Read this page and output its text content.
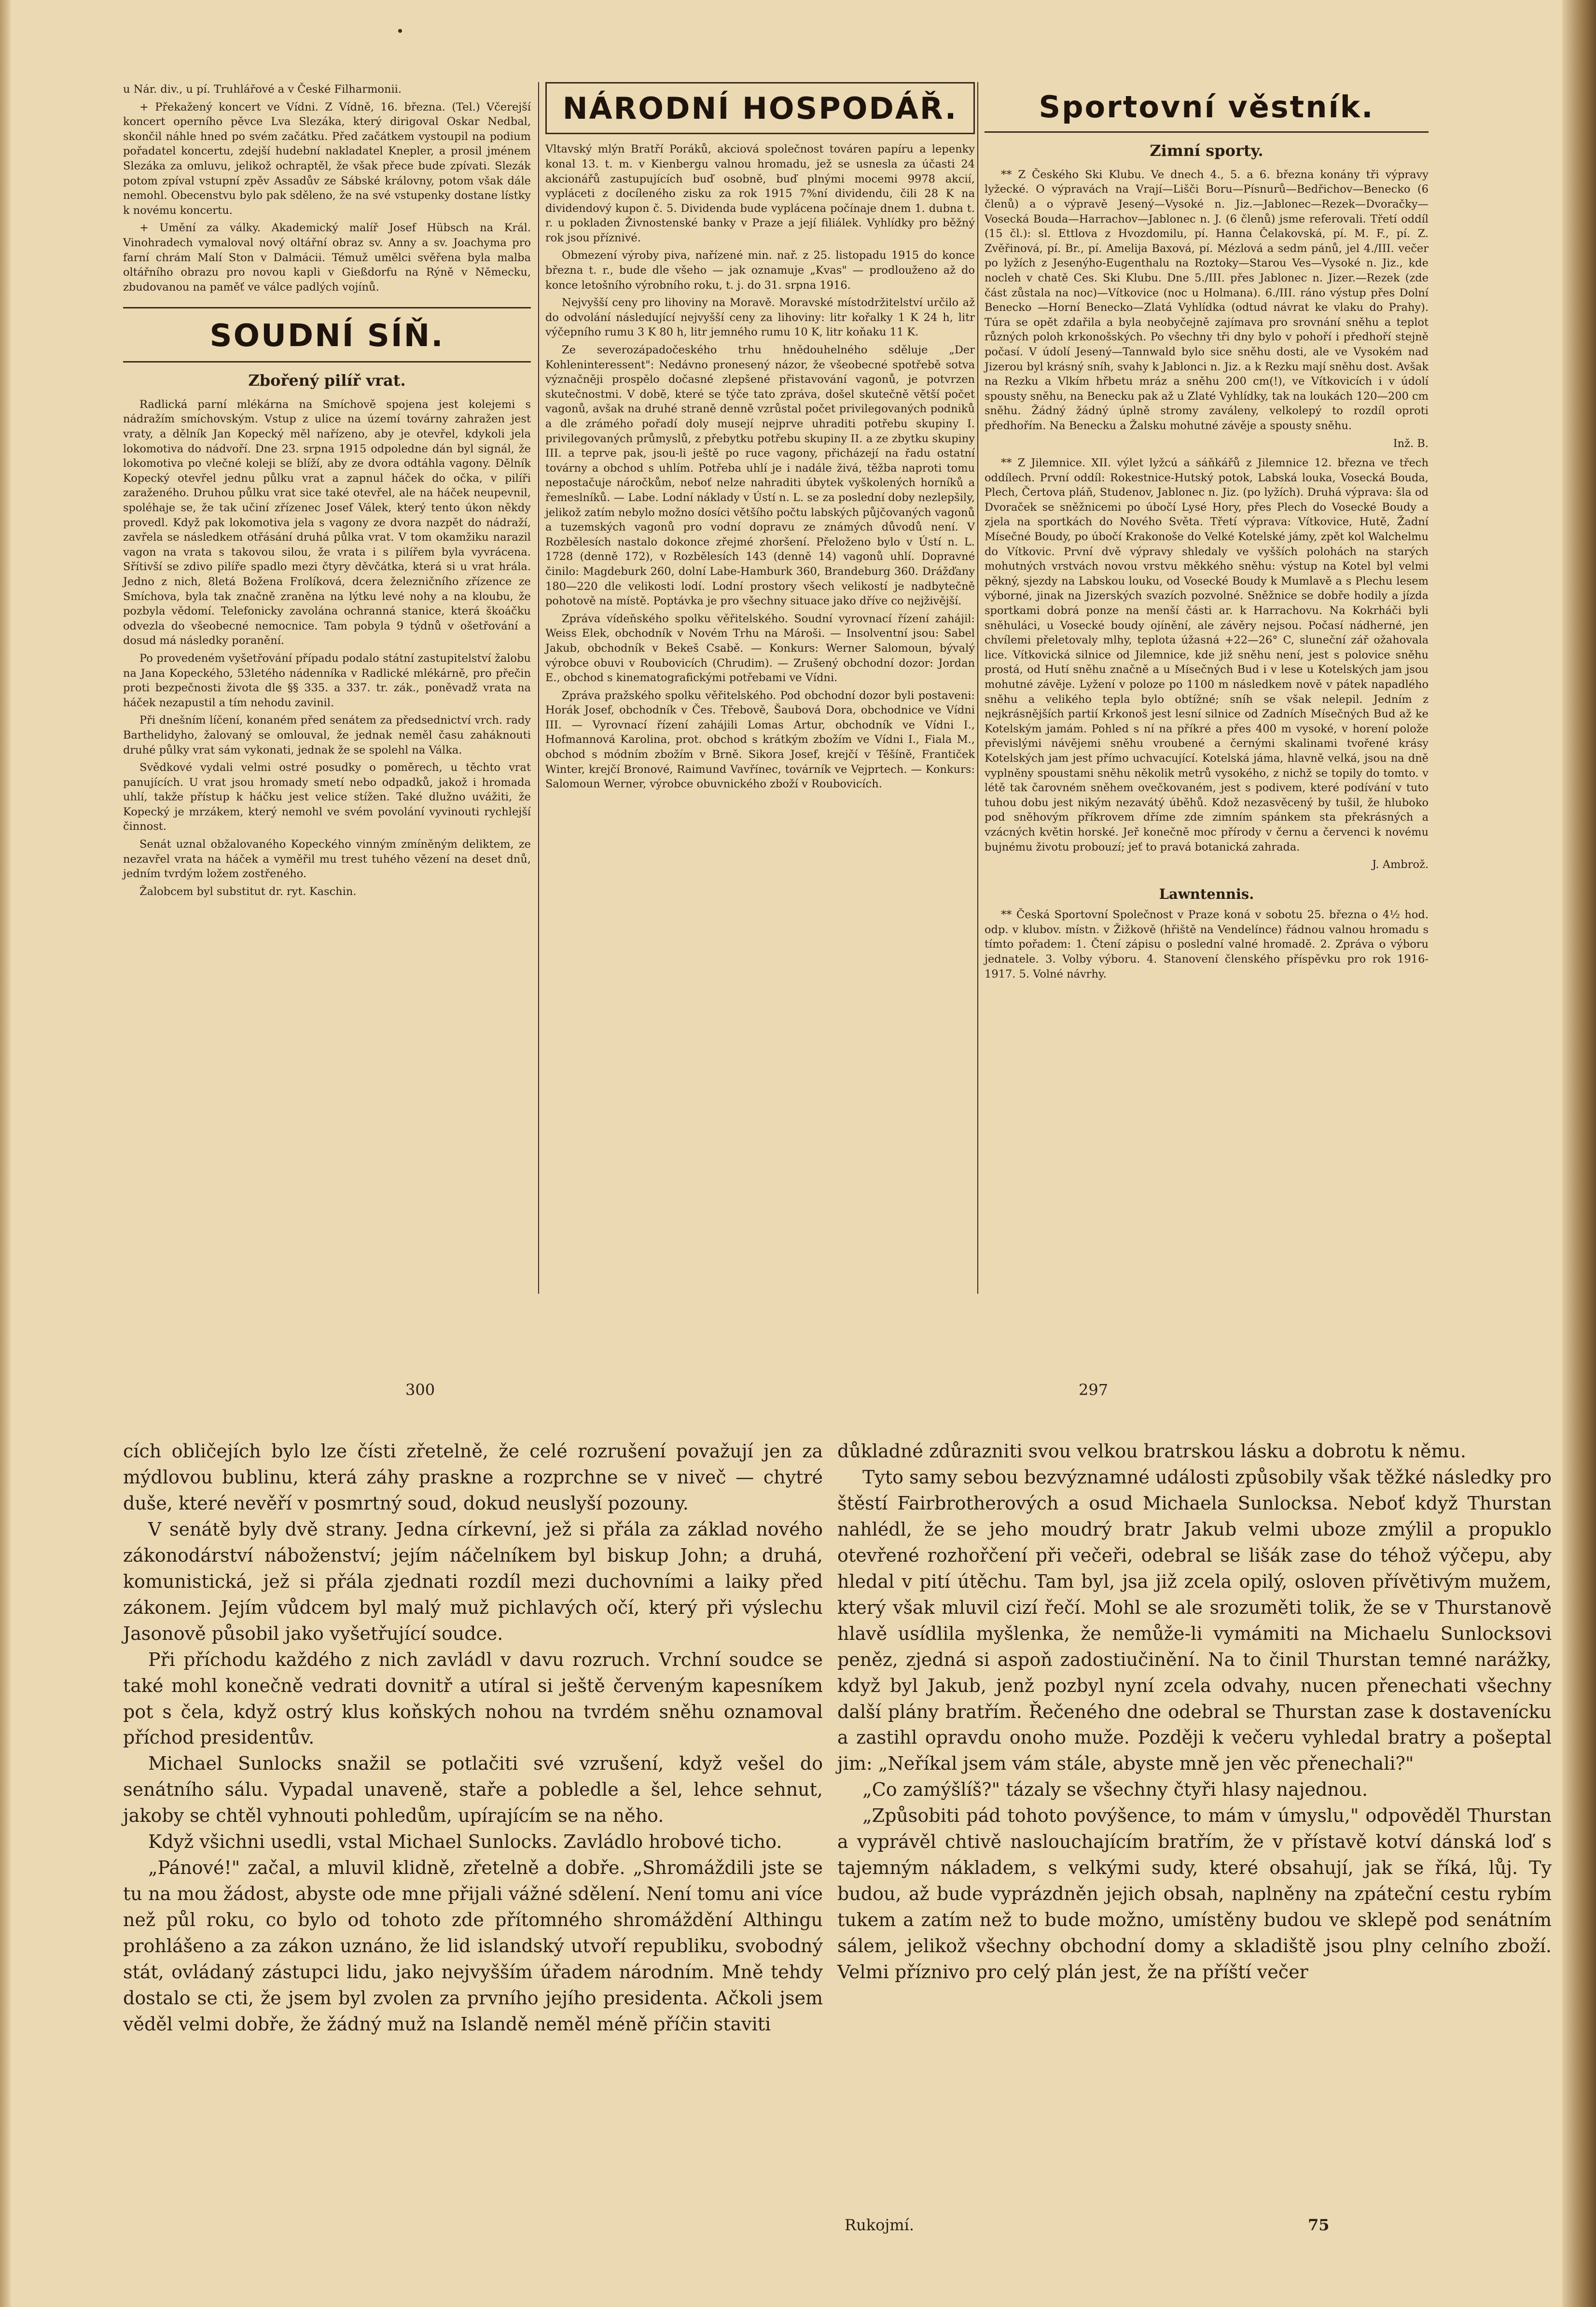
u Nár. div., u pí. Truhlářové a v České Filharmonii.

+ Překažený koncert ve Vídni. Z Vídně, 16. března. (Tel.) Včerejší koncert operního pěvce Lva Slezáka, který dirigoval Oskar Nedbal, skončil náhle hned po svém začátku. Před začátkem vystoupil na podium pořadatel koncertu, zdejší hudební nakladatel Knepler, a prosil jménem Slezáka za omluvu, jelikož ochraptěl, že však přece bude zpívati. Slezák potom zpíval vstupní zpěv Assadův ze Sábské královny, potom však dále nemohl. Obecenstvu bylo pak sděleno, že na své vstupenky dostane lístky k novému koncertu.

+ Umění za války. Akademický malíř Josef Hübsch na Král. Vinohradech vymaloval nový oltářní obraz sv. Anny a sv. Joachyma pro farní chrám Malí Ston v Dalmácii. Témuž umělci svěřena byla malba oltářního obrazu pro novou kapli v Gießdorfu na Rýně v Německu, zbudovanou na paměť ve válce padlých vojínů.

SOUDNÍ SÍŇ.
Zbořený pilíř vrat.

Radlická parní mlékárna na Smíchově spojena jest kolejemi s nádražím smíchovským. Vstup z ulice na území továrny zahražen jest vraty, a dělník Jan Kopecký měl nařízeno, aby je otevřel, kdykoli jela lokomotiva do nádvoří. Dne 23. srpna 1915 odpoledne dán byl signál, že lokomotiva po vlečné koleji se blíží, aby ze dvora odtáhla vagony. Dělník Kopecký otevřel jednu půlku vrat a zapnul háček do očka, v pilíři zaraženého. Druhou půlku vrat sice také otevřel, ale na háček neupevnil, spoléhaje se, že tak učiní zřízenec Josef Válek, který tento úkon někdy provedl. Když pak lokomotiva jela s vagony ze dvora nazpět do nádraží, zavřela se následkem otřásání druhá půlka vrat. V tom okamžiku narazil vagon na vrata s takovou silou, že vrata i s pilířem byla vyvrácena. Sřítivší se zdivo pilíře spadlo mezi čtyry děvčátka, která si u vrat hrála. Jedno z nich, 8letá Božena Frolíková, dcera železničního zřízence ze Smíchova, byla tak značně zraněna na lýtku levé nohy a na kloubu, že pozbyla vědomí. Telefonicky zavolána ochranná stanice, která škoáčku odvezla do všeobecné nemocnice. Tam pobyla 9 týdnů v ošetřování a dosud má následky poranění.

Po provedeném vyšetřování případu podalo státní zastupitelství žalobu na Jana Kopeckého, 53letého nádenníka v Radlické mlékárně, pro přečin proti bezpečnosti života dle §§ 335. a 337. tr. zák., poněvadž vrata na háček nezapustil a tím nehodu zavinil.

Při dnešním líčení, konaném před senátem za předsednictví vrch. rady Barthelidyho, žalovaný se omlouval, že jednak neměl času zaháknouti druhé půlky vrat sám vykonati, jednak že se spolehl na Válka.

Svědkové vydali velmi ostré posudky o poměrech, u těchto vrat panujících. U vrat jsou hromady smetí nebo odpadků, jakož i hromada uhlí, takže přístup k háčku jest velice stížen. Také dlužno uvážiti, že Kopecký je mrzákem, který nemohl ve svém povolání vyvinouti rychlejší činnost.

Senát uznal obžalovaného Kopeckého vinným zmíněným deliktem, ze nezavřel vrata na háček a vyměřil mu trest tuhého vězení na deset dnů, jedním tvrdým ložem zostřeného.

Žalobcem byl substitut dr. ryt. Kaschin.

NÁRODNÍ HOSPODÁŘ.

Vltavský mlýn Bratří Poráků, akciová společnost továren papíru a lepenky konal 13. t. m. v Kienbergu valnou hromadu, jež se usnesla za účasti 24 akcionářů zastupujících buď osobně, buď plnými mocemi 9978 akcií, vypláceti z docíleného zisku za rok 1915 7%ní dividendu, čili 28 K na dividendový kupon č. 5. Dividenda bude vyplácena počínaje dnem 1. dubna t. r. u pokladen Živnostenské banky v Praze a její filiálek. Vyhlídky pro běžný rok jsou příznivé.

Obmezení výroby piva, nařízené min. nař. z 25. listopadu 1915 do konce března t. r., bude dle všeho — jak oznamuje „Kvas" — prodlouženo až do konce letošního výrobního roku, t. j. do 31. srpna 1916.

Nejvyšší ceny pro lihoviny na Moravě. Moravské místodržitelství určilo až do odvolání následující nejvyšší ceny za lihoviny: litr kořalky 1 K 24 h, litr výčepního rumu 3 K 80 h, litr jemného rumu 10 K, litr koňaku 11 K.

Ze severozápadočeského trhu hnědouhelného sděluje „Der Kohleninteressent": Nedávno pronesený názor, že všeobecné spotřebě sotva význačněji prospělo dočasné zlepšené přistavování vagonů, je potvrzen skutečnostmi. V době, které se týče tato zpráva, došel skutečně větší počet vagonů, avšak na druhé straně denně vzrůstal počet privilegovaných podniků a dle zrámého pořadí doly musejí nejprve uhraditi potřebu skupiny I. privilegovaných průmyslů, z přebytku potřebu skupiny II. a ze zbytku skupiny III. a teprve pak, jsou-li ještě po ruce vagony, přicházejí na řadu ostatní továrny a obchod s uhlím. Potřeba uhlí je i nadále živá, těžba naproti tomu nepostačuje náročkům, neboť nelze nahraditi úbytek vyškolených horníků a řemeslníků. — Labe. Lodní náklady v Ústí n. L. se za poslední doby nezlepšily, jelikož zatím nebylo možno dosíci většího počtu labských půjčovaných vagonů a tuzemských vagonů pro vodní dopravu ze známých důvodů není. V Rozbělesích nastalo dokonce zřejmé zhoršení. Přeloženo bylo v Ústí n. L. 1728 (denně 172), v Rozbělesích 143 (denně 14) vagonů uhlí. Dopravné činilo: Magdeburk 260, dolní Labe-Hamburk 360, Brandeburg 360. Drážďany 180—220 dle velikosti lodí. Lodní prostory všech velikostí je nadbytečně pohotově na místě. Poptávka je pro všechny situace jako dříve co nejživější.

Zpráva vídeňského spolku věřitelského. Soudní vyrovnací řízení zahájil: Weiss Elek, obchodník v Novém Trhu na Mároši. — Insolventní jsou: Sabel Jakub, obchodník v Bekeš Csabě. — Konkurs: Werner Salomoun, bývalý výrobce obuvi v Roubovicích (Chrudim). — Zrušený obchodní dozor: Jordan E., obchod s kinematografickými potřebami ve Vídni.

Zpráva pražského spolku věřitelského. Pod obchodní dozor byli postaveni: Horák Josef, obchodník v Čes. Třebově, Šaubová Dora, obchodnice ve Vídni III. — Vyrovnací řízení zahájili Lomas Artur, obchodník ve Vídni I., Hofmannová Karolina, prot. obchod s krátkým zbožím ve Vídni I., Fiala M., obchod s módním zbožím v Brně. Sikora Josef, krejčí v Těšíně, Frantiček Winter, krejčí Bronové, Raimund Vavřínec, továrník ve Vejprtech. — Konkurs: Salomoun Werner, výrobce obuvnického zboží v Roubovicích.

Sportovní věstník.
Zimní sporty.

** Z Českého Ski Klubu. Ve dnech 4., 5. a 6. března konány tři výpravy lyžecké. O výpravách na Vrají—Lišči Boru—Písnurů—Bedřichov—Benecko (6 členů) a o výpravě Jesený—Vysoké n. Jiz.—Jablonec—Rezek—Dvoračky—Vosecká Bouda—Harrachov—Jablonec n. J. (6 členů) jsme referovali. Třetí oddíl (15 čl.): sl. Ettlova z Hvozdomilu, pí. Hanna Čelakovská, pí. M. F., pí. Z. Zvěřinová, pí. Br., pí. Amelija Baxová, pí. Mézlová a sedm pánů, jel 4./III. večer po lyžích z Jesenýho-Eugenthalu na Roztoky—Starou Ves—Vysoké n. Jiz., kde nocleh v chatě Ces. Ski Klubu. Dne 5./III. přes Jablonec n. Jizer.—Rezek (zde část zůstala na noc)—Vítkovice (noc u Holmana). 6./III. ráno výstup přes Dolní Benecko —Horní Benecko—Zlatá Vyhlídka (odtud návrat ke vlaku do Prahy). Túra se opět zdařila a byla neobyčejně zajímava pro srovnání sněhu a teplot různých poloh krkonošských. Po všechny tři dny bylo v pohoří i předhoří stejně počasí. V údolí Jesený—Tannwald bylo sice sněhu dosti, ale ve Vysokém nad Jizerou byl krásný sníh, svahy k Jablonci n. Jiz. a k Rezku mají sněhu dost. Avšak na Rezku a Vlkím hřbetu mráz a sněhu 200 cm(!), ve Vítkovicích i v údolí spousty sněhu, na Benecku pak až u Zlaté Vyhlídky, tak na loukách 120—200 cm sněhu. Žádný žádný úplně stromy zaváleny, velkolepý to rozdíl oproti předhořím. Na Benecku a Žalsku mohutné závěje a spousty sněhu.

Inž. B.

** Z Jilemnice. XII. výlet lyžcú a sáňkářů z Jilemnice 12. března ve třech oddílech. První oddíl: Rokestnice-Hutský potok, Labská louka, Vosecká Bouda, Plech, Čertova pláň, Studenov, Jablonec n. Jiz. (po lyžích). Druhá výprava: šla od Dvoraček se sněžnicemi po úbočí Lysé Hory, přes Plech do Vosecké Boudy a zjela na sportkách do Nového Světa. Třetí výprava: Vítkovice, Hutě, Žadní Mísečné Boudy, po úbočí Krakonoše do Velké Kotelské jámy, zpět kol Walchelmu do Vítkovic. První dvě výpravy shledaly ve vyšších polohách na starých mohutných vrstvách novou vrstvu měkkého sněhu: výstup na Kotel byl velmi pěkný, sjezdy na Labskou louku, od Vosecké Boudy k Mumlavě a s Plechu lesem výborné, jinak na Jizerských svazích pozvolné. Sněžnice se dobře hodily a jízda sportkami dobrá ponze na menší části ar. k Harrachovu. Na Kokrháči byli sněhuláci, u Vosecké boudy ojínění, ale závěry nejsou. Počasí nádherné, jen chvílemi přeletovaly mlhy, teplota úžasná +22—26° C, sluneční zář ožahovala lice. Vítkovická silnice od Jilemnice, kde již sněhu není, jest s polovice sněhu prostá, od Hutí sněhu značně a u Mísečných Bud i v lese u Kotelských jam jsou mohutné závěje. Lyžení v poloze po 1100 m následkem nově v pátek napadlého sněhu a velikého tepla bylo obtížné; sníh se však nelepil. Jedním z nejkrásnějších partií Krkonoš jest lesní silnice od Zadních Mísečných Bud až ke Kotelským jamám. Pohled s ní na příkré a přes 400 m vysoké, v horení polože převislými návějemi sněhu vroubené a černými skalinami tvořené krásy Kotelských jam jest přímo uchvacující. Kotelská jáma, hlavně velká, jsou na dně vyplněny spoustami sněhu několik metrů vysokého, z nichž se topily do tomto. v létě tak čarovném sněhem ovečkovaném, jest s podivem, které podívání v tuto tuhou dobu jest nikým nezavátý úběhů. Kdož nezasvěcený by tušil, že hluboko pod sněhovým příkrovem dříme zde zimním spánkem sta překrásných a vzácných květin horské. Jeř konečně moc přírody v černu a červenci k novému bujnému životu probouzí; jeť to pravá botanická zahrada.

J. Ambrož.
Lawntennis.

** Česká Sportovní Společnost v Praze koná v sobotu 25. března o 4½ hod. odp. v klubov. místn. v Žižkově (hřiště na Vendelínce) řádnou valnou hromadu s tímto pořadem: 1. Čtení zápisu o poslední valné hromadě. 2. Zpráva o výboru jednatele. 3. Volby výboru. 4. Stanovení členského příspěvku pro rok 1916-1917. 5. Volné návrhy.

300	297

cích obličejích bylo lze čísti zřetelně, že celé rozrušení považují jen za mýdlovou bublinu, která záhy praskne a rozprchne se v niveč — chytré duše, které nevěří v posmrtný soud, dokud neuslyší pozouny.

V senátě byly dvě strany. Jedna církevní, jež si přála za základ nového zákonodárství náboženství; jejím náčelníkem byl biskup John; a druhá, komunistická, jež si přála zjednati rozdíl mezi duchovními a laiky před zákonem. Jejím vůdcem byl malý muž pichlavých očí, který při výslechu Jasonově působil jako vyšetřující soudce.

Při příchodu každého z nich zavládl v davu rozruch. Vrchní soudce se také mohl konečně vedrati dovnitř a utíral si ještě červeným kapesníkem pot s čela, když ostrý klus koňských nohou na tvrdém sněhu oznamoval příchod presidentův.

Michael Sunlocks snažil se potlačiti své vzrušení, když vešel do senátního sálu. Vypadal unaveně, staře a pobledle a šel, lehce sehnut, jakoby se chtěl vyhnouti pohledům, upírajícím se na něho.

Když všichni usedli, vstal Michael Sunlocks. Zavládlo hrobové ticho.

„Pánové!" začal, a mluvil klidně, zřetelně a dobře. „Shromáždili jste se tu na mou žádost, abyste ode mne přijali vážné sdělení. Není tomu ani více než půl roku, co bylo od tohoto zde přítomného shromáždění Althingu prohlášeno a za zákon uznáno, že lid islandský utvoří republiku, svobodný stát, ovládaný zástupci lidu, jako nejvyšším úřadem národním. Mně tehdy dostalo se cti, že jsem byl zvolen za prvního jejího presidenta. Ačkoli jsem věděl velmi dobře, že žádný muž na Islandě neměl méně příčin staviti

důkladné zdůrazniti svou velkou bratrskou lásku a dobrotu k němu.

Tyto samy sebou bezvýznamné události způsobily však těžké následky pro štěstí Fairbrotherových a osud Michaela Sunlocksa. Neboť když Thurstan nahlédl, že se jeho moudrý bratr Jakub velmi uboze zmýlil a propuklo otevřené rozhořčení při večeři, odebral se lišák zase do téhož výčepu, aby hledal v pití útěchu. Tam byl, jsa již zcela opilý, osloven přívětivým mužem, který však mluvil cizí řečí. Mohl se ale srozuměti tolik, že se v Thurstanově hlavě usídlila myšlenka, že nemůže-li vymámiti na Michaelu Sunlocksovi peněz, zjedná si aspoň zadostiučinění. Na to činil Thurstan temné narážky, když byl Jakub, jenž pozbyl nyní zcela odvahy, nucen přenechati všechny další plány bratřím. Řečeného dne odebral se Thurstan zase k dostavenícku a zastihl opravdu onoho muže. Později k večeru vyhledal bratry a pošeptal jim: „Neříkal jsem vám stále, abyste mně jen věc přenechali?"

„Co zamýšlíš?" tázaly se všechny čtyři hlasy najednou.

„Způsobiti pád tohoto povýšence, to mám v úmyslu," odpověděl Thurstan a vyprávěl chtivě naslouchajícím bratřím, že v přístavě kotví dánská loď s tajemným nákladem, s velkými sudy, které obsahují, jak se říká, lůj. Ty budou, až bude vyprázdněn jejich obsah, naplněny na zpáteční cestu rybím tukem a zatím než to bude možno, umístěny budou ve sklepě pod senátním sálem, jelikož všechny obchodní domy a skladiště jsou plny celního zboží. Velmi příznivo pro celý plán jest, že na příští večer

Rukojmí.	75
